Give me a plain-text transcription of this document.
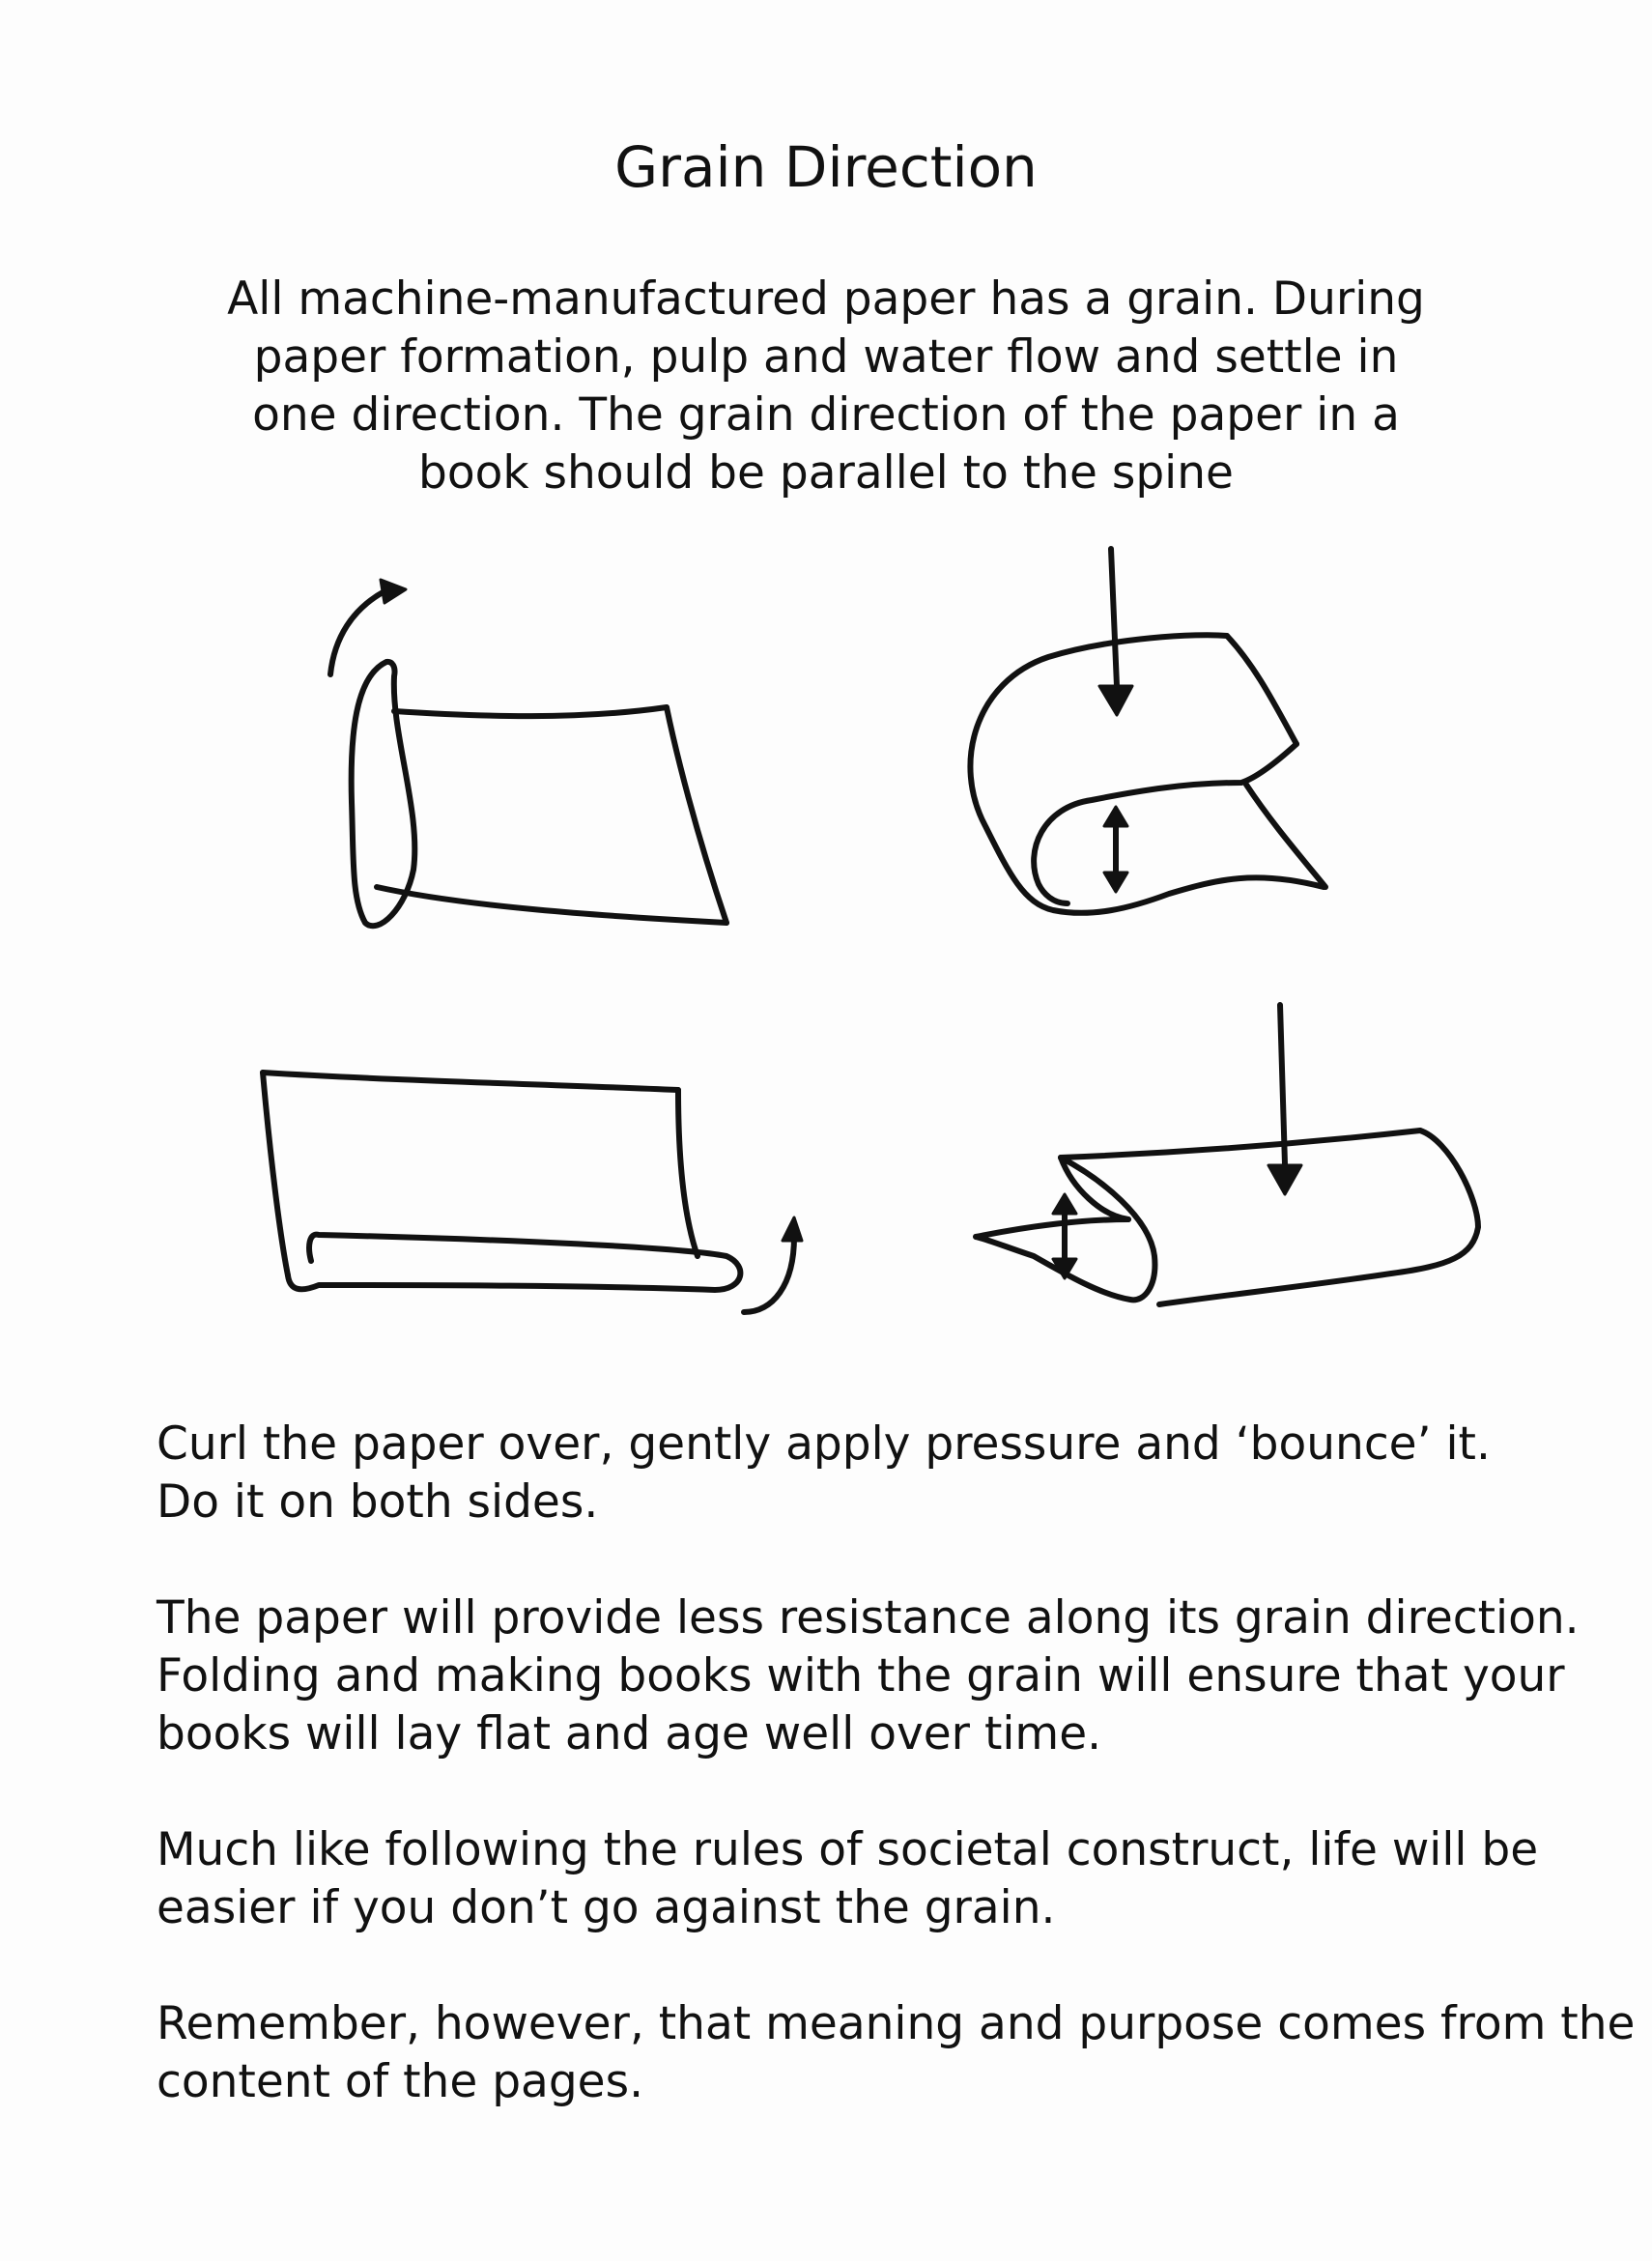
Grain Direction

All machine-manufactured paper has a grain. During
paper formation, pulp and water flow and settle in
one direction. The grain direction of the paper in a
book should be parallel to the spine

Curl the paper over, gently apply pressure and ‘bounce’ it.
Do it on both sides.

The paper will provide less resistance along its grain direction.
Folding and making books with the grain will ensure that your
books will lay flat and age well over time.

Much like following the rules of societal construct, life will be
easier if you don’t go against the grain.

Remember, however, that meaning and purpose comes from the
content of the pages.
